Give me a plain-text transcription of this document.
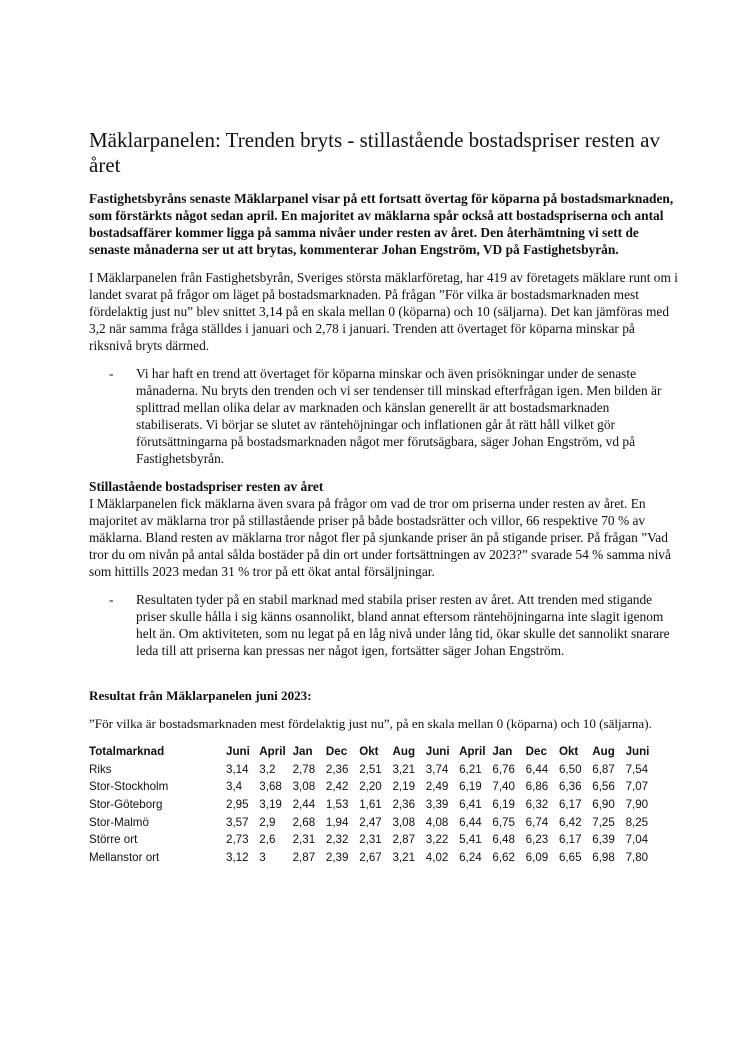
Mäklarpanelen: Trenden bryts - stillastående bostadspriser resten av året

Fastighetsbyråns senaste Mäklarpanel visar på ett fortsatt övertag för köparna på bostadsmarknaden, som förstärkts något sedan april. En majoritet av mäklarna spår också att bostadspriserna och antal bostadsaffärer kommer ligga på samma nivåer under resten av året. Den återhämtning vi sett de senaste månaderna ser ut att brytas, kommenterar Johan Engström, VD på Fastighetsbyrån.

I Mäklarpanelen från Fastighetsbyrån, Sveriges största mäklarföretag, har 419 av företagets mäklare runt om i landet svarat på frågor om läget på bostadsmarknaden. På frågan ”För vilka är bostadsmarknaden mest fördelaktig just nu” blev snittet 3,14 på en skala mellan 0 (köparna) och 10 (säljarna). Det kan jämföras med 3,2 när samma fråga ställdes i januari och 2,78 i januari. Trenden att övertaget för köparna minskar på riksnivå bryts därmed.

- Vi har haft en trend att övertaget för köparna minskar och även prisökningar under de senaste månaderna. Nu bryts den trenden och vi ser tendenser till minskad efterfrågan igen. Men bilden är splittrad mellan olika delar av marknaden och känslan generellt är att bostadsmarknaden stabiliserats. Vi börjar se slutet av räntehöjningar och inflationen går åt rätt håll vilket gör förutsättningarna på bostadsmarknaden något mer förutsägbara, säger Johan Engström, vd på Fastighetsbyrån.

Stillastående bostadspriser resten av året

I Mäklarpanelen fick mäklarna även svara på frågor om vad de tror om priserna under resten av året. En majoritet av mäklarna tror på stillastående priser på både bostadsrätter och villor, 66 respektive 70 % av mäklarna. Bland resten av mäklarna tror något fler på sjunkande priser än på stigande priser. På frågan ”Vad tror du om nivån på antal sålda bostäder på din ort under fortsättningen av 2023?” svarade 54 % samma nivå som hittills 2023 medan 31 % tror på ett ökat antal försäljningar.

- Resultaten tyder på en stabil marknad med stabila priser resten av året. Att trenden med stigande priser skulle hålla i sig känns osannolikt, bland annat eftersom räntehöjningarna inte slagit igenom helt än. Om aktiviteten, som nu legat på en låg nivå under lång tid, ökar skulle det sannolikt snarare leda till att priserna kan pressas ner något igen, fortsätter säger Johan Engström.

Resultat från Mäklarpanelen juni 2023:

”För vilka är bostadsmarknaden mest fördelaktig just nu”, på en skala mellan 0 (köparna) och 10 (säljarna).

Totalmarknad	Juni	April	Jan	Dec	Okt	Aug	Juni	April	Jan	Dec	Okt	Aug	Juni
Riks	3,14	3,2	2,78	2,36	2,51	3,21	3,74	6,21	6,76	6,44	6,50	6,87	7,54
Stor-Stockholm	3,4	3,68	3,08	2,42	2,20	2,19	2,49	6,19	7,40	6,86	6,36	6,56	7,07
Stor-Göteborg	2,95	3,19	2,44	1,53	1,61	2,36	3,39	6,41	6,19	6,32	6,17	6,90	7,90
Stor-Malmö	3,57	2,9	2,68	1,94	2,47	3,08	4,08	6,44	6,75	6,74	6,42	7,25	8,25
Större ort	2,73	2,6	2,31	2,32	2,31	2,87	3,22	5,41	6,48	6,23	6,17	6,39	7,04
Mellanstor ort	3,12	3	2,87	2,39	2,67	3,21	4,02	6,24	6,62	6,09	6,65	6,98	7,80
